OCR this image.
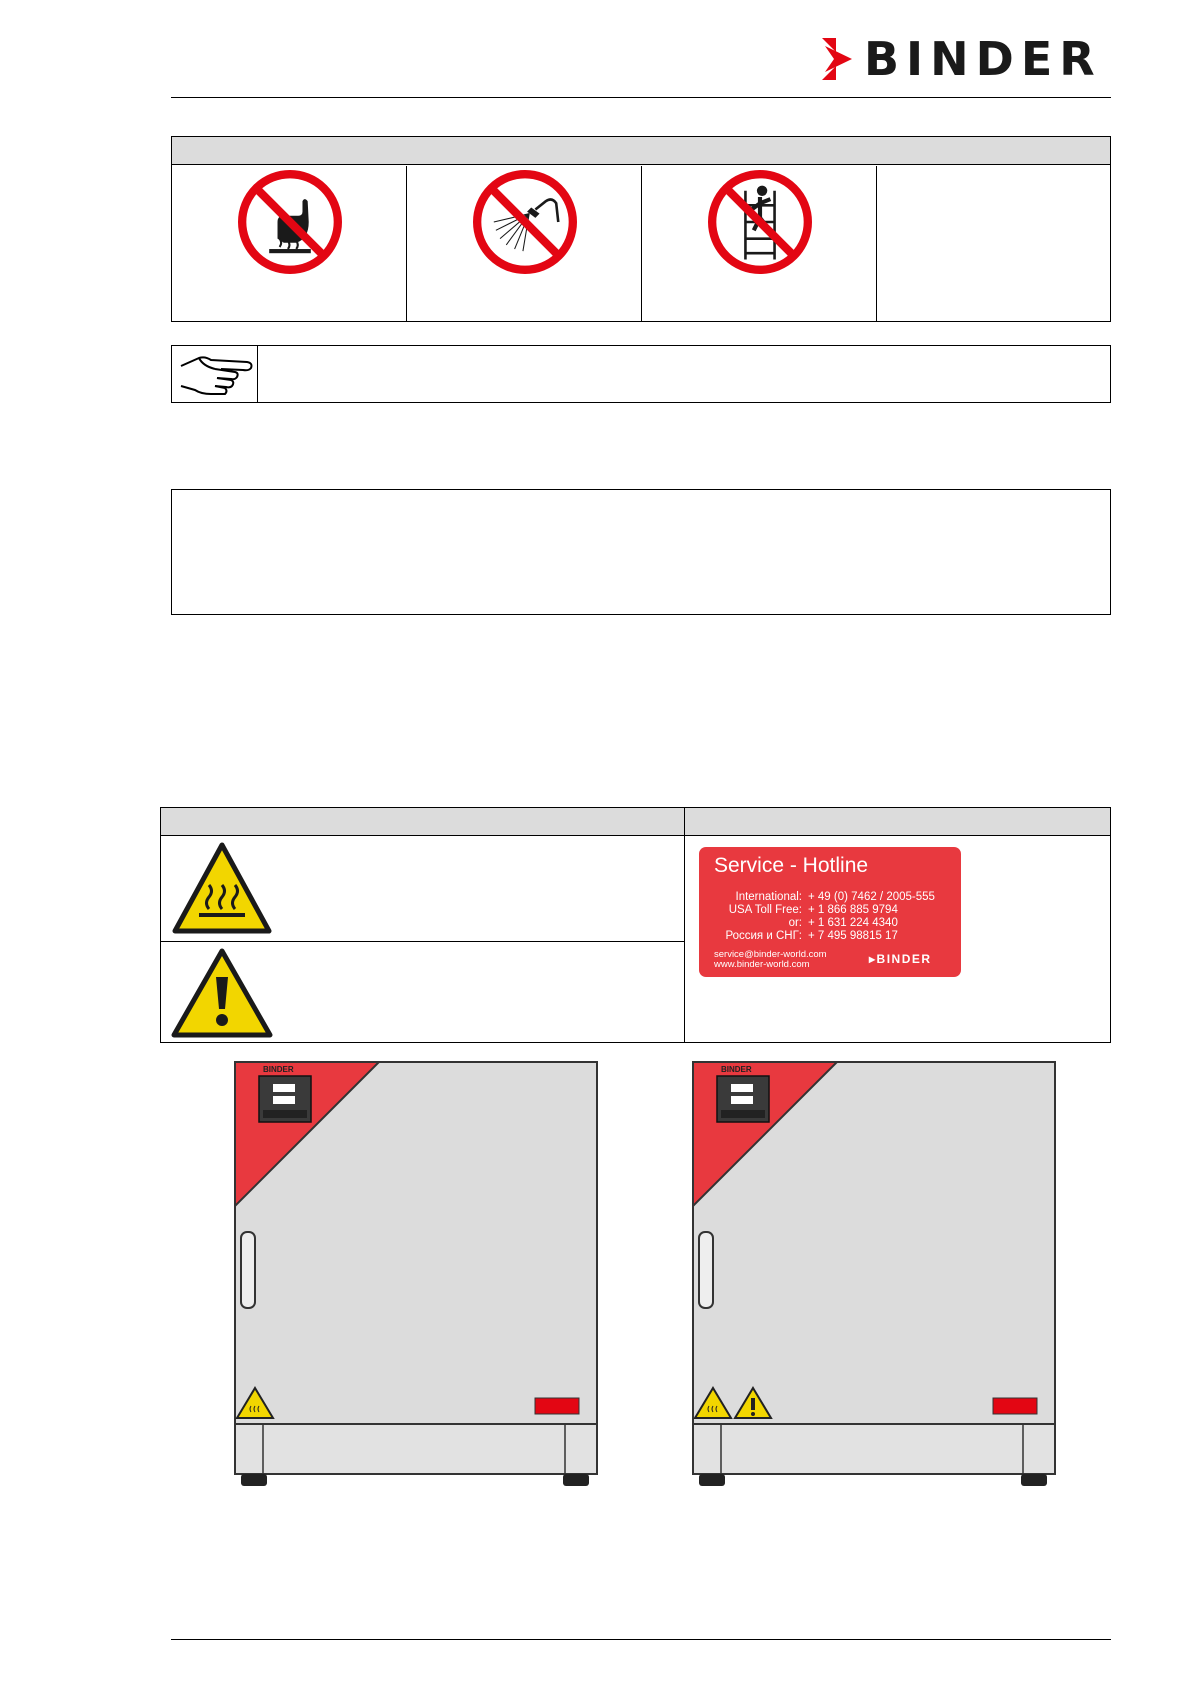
BINDER
Service - Hotline
International: + 49 (0) 7462 / 2005-555
USA Toll Free: + 1 866 885 9794
or: + 1 631 224 4340
Россия и СНГ: + 7 495 98815 17
service@binder-world.com
www.binder-world.com	▸BINDER
BINDER	BINDER
